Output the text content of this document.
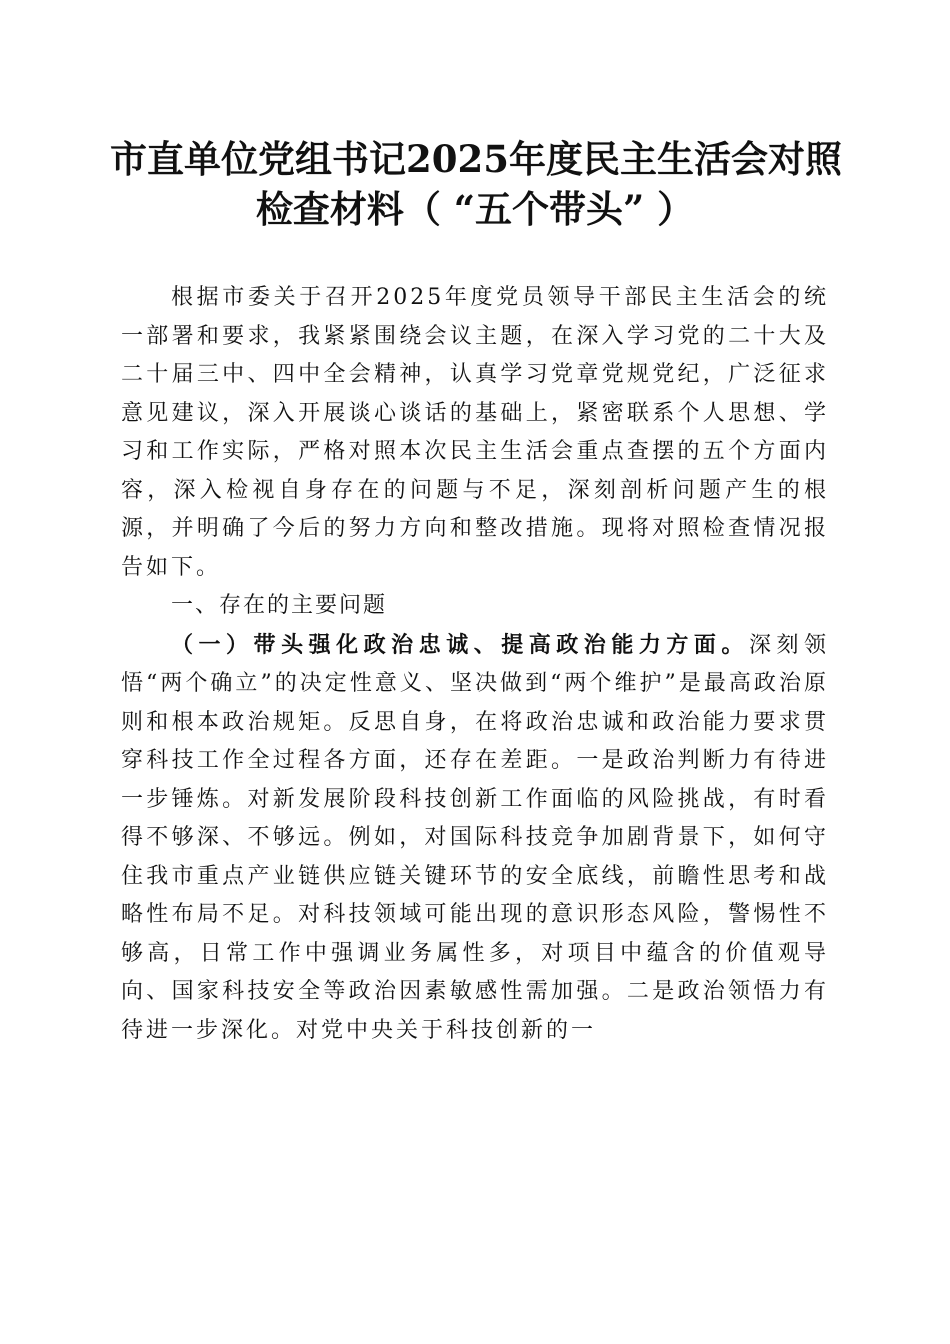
市直单位党组书记2025年度民主生活会对照
检查材料（ “五个带头” ）

根据市委关于召开2025年度党员领导干部民主生活会的统一部署和要求，我紧紧围绕会议主题，在深入学习党的二十大及二十届三中、四中全会精神，认真学习党章党规党纪，广泛征求意见建议，深入开展谈心谈话的基础上，紧密联系个人思想、学习和工作实际，严格对照本次民主生活会重点查摆的五个方面内容，深入检视自身存在的问题与不足，深刻剖析问题产生的根源，并明确了今后的努力方向和整改措施。现将对照检查情况报告如下。

一、存在的主要问题

（一）带头强化政治忠诚、提高政治能力方面。深刻领悟“两个确立”的决定性意义、坚决做到“两个维护”是最高政治原则和根本政治规矩。反思自身，在将政治忠诚和政治能力要求贯穿科技工作全过程各方面，还存在差距。一是政治判断力有待进一步锤炼。对新发展阶段科技创新工作面临的风险挑战，有时看得不够深、不够远。例如，对国际科技竞争加剧背景下，如何守住我市重点产业链供应链关键环节的安全底线，前瞻性思考和战略性布局不足。对科技领域可能出现的意识形态风险，警惕性不够高，日常工作中强调业务属性多，对项目中蕴含的价值观导向、国家科技安全等政治因素敏感性需加强。二是政治领悟力有待进一步深化。对党中央关于科技创新的一
